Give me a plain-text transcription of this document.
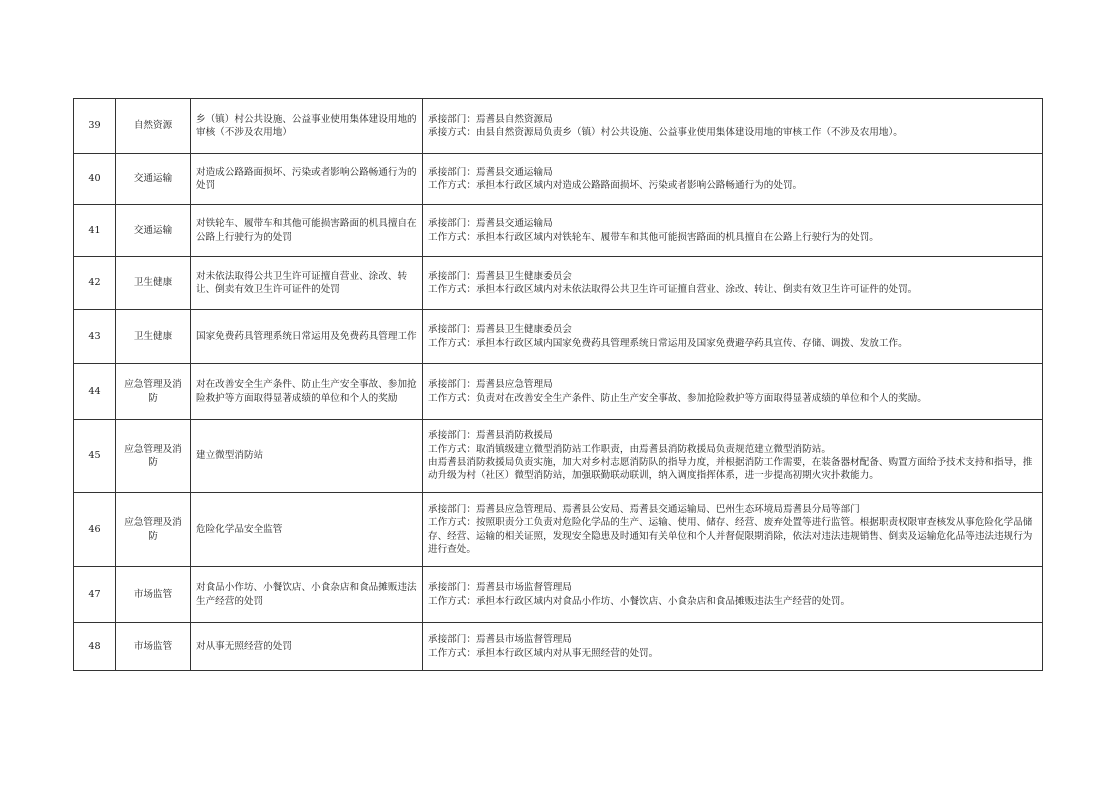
39	自然资源	乡（镇）村公共设施、公益事业使用集体建设用地的审核（不涉及农用地）	承接部门：焉耆县自然资源局
承接方式：由县自然资源局负责乡（镇）村公共设施、公益事业使用集体建设用地的审核工作（不涉及农用地）。

40	交通运输	对造成公路路面损坏、污染或者影响公路畅通行为的处罚	承接部门：焉耆县交通运输局
工作方式：承担本行政区域内对造成公路路面损坏、污染或者影响公路畅通行为的处罚。

41	交通运输	对铁轮车、履带车和其他可能损害路面的机具擅自在公路上行驶行为的处罚	承接部门：焉耆县交通运输局
工作方式：承担本行政区域内对铁轮车、履带车和其他可能损害路面的机具擅自在公路上行驶行为的处罚。

42	卫生健康	对未依法取得公共卫生许可证擅自营业、涂改、转让、倒卖有效卫生许可证件的处罚	承接部门：焉耆县卫生健康委员会
工作方式：承担本行政区域内对未依法取得公共卫生许可证擅自营业、涂改、转让、倒卖有效卫生许可证件的处罚。

43	卫生健康	国家免费药具管理系统日常运用及免费药具管理工作	承接部门：焉耆县卫生健康委员会
工作方式：承担本行政区域内国家免费药具管理系统日常运用及国家免费避孕药具宣传、存储、调拨、发放工作。

44	应急管理及消防	对在改善安全生产条件、防止生产安全事故、参加抢险救护等方面取得显著成绩的单位和个人的奖励	承接部门：焉耆县应急管理局
工作方式：负责对在改善安全生产条件、防止生产安全事故、参加抢险救护等方面取得显著成绩的单位和个人的奖励。

45	应急管理及消防	建立微型消防站	承接部门：焉耆县消防救援局
工作方式：取消镇级建立微型消防站工作职责，由焉耆县消防救援局负责规范建立微型消防站。
由焉耆县消防救援局负责实施，加大对乡村志愿消防队的指导力度，并根据消防工作需要，在装备器材配备、购置方面给予技术支持和指导，推动升级为村（社区）微型消防站，加强联勤联动联训，纳入调度指挥体系，进一步提高初期火灾扑救能力。

46	应急管理及消防	危险化学品安全监管	承接部门：焉耆县应急管理局、焉耆县公安局、焉耆县交通运输局、巴州生态环境局焉耆县分局等部门
工作方式：按照职责分工负责对危险化学品的生产、运输、使用、储存、经营、废弃处置等进行监管。根据职责权限审查核发从事危险化学品储存、经营、运输的相关证照，发现安全隐患及时通知有关单位和个人并督促限期消除，依法对违法违规销售、倒卖及运输危化品等违法违规行为进行查处。

47	市场监管	对食品小作坊、小餐饮店、小食杂店和食品摊贩违法生产经营的处罚	承接部门：焉耆县市场监督管理局
工作方式：承担本行政区域内对食品小作坊、小餐饮店、小食杂店和食品摊贩违法生产经营的处罚。

48	市场监管	对从事无照经营的处罚	承接部门：焉耆县市场监督管理局
工作方式：承担本行政区域内对从事无照经营的处罚。
